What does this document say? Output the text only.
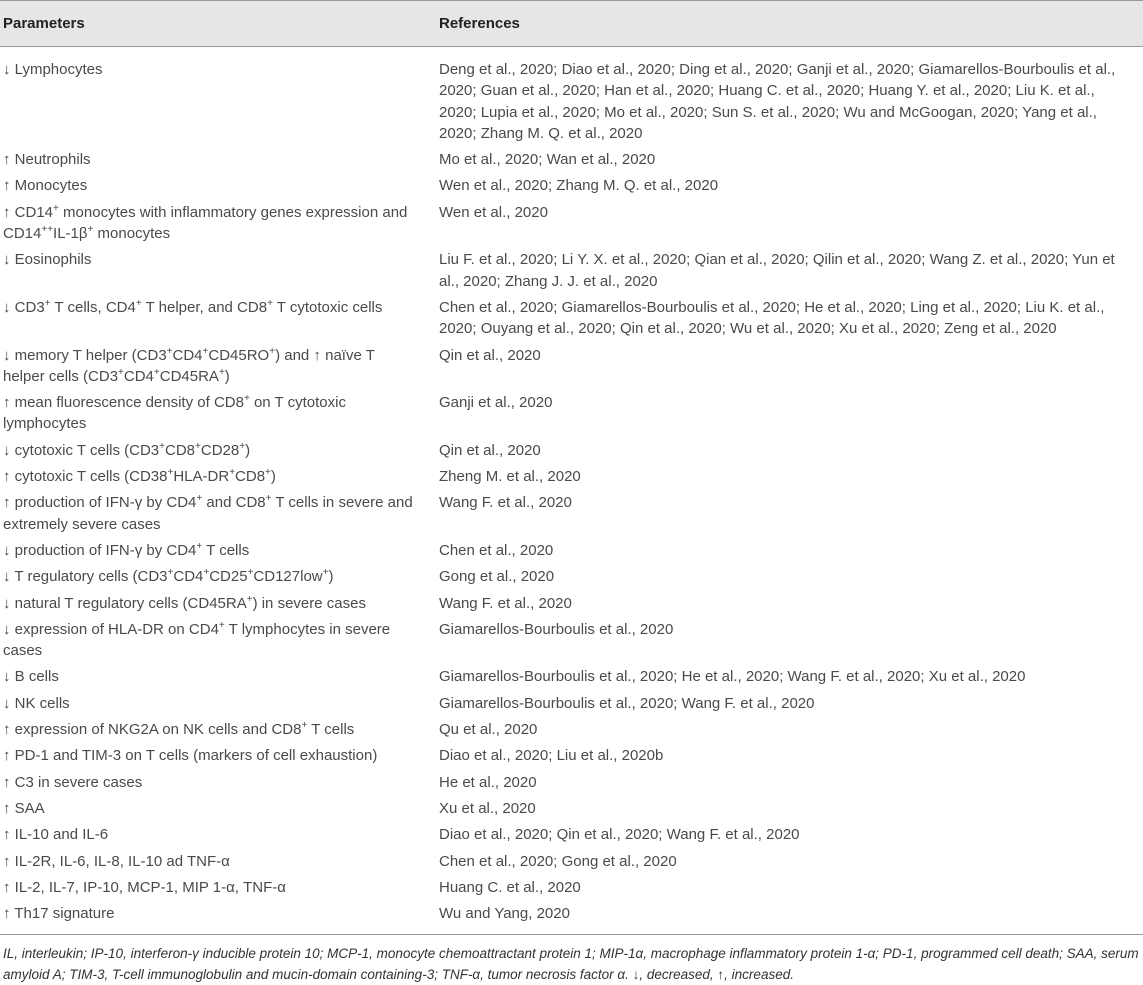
Parameters	References
↓ Lymphocytes	Deng et al., 2020; Diao et al., 2020; Ding et al., 2020; Ganji et al., 2020; Giamarellos-Bourboulis et al., 2020; Guan et al., 2020; Han et al., 2020; Huang C. et al., 2020; Huang Y. et al., 2020; Liu K. et al., 2020; Lupia et al., 2020; Mo et al., 2020; Sun S. et al., 2020; Wu and McGoogan, 2020; Yang et al., 2020; Zhang M. Q. et al., 2020
↑ Neutrophils	Mo et al., 2020; Wan et al., 2020
↑ Monocytes	Wen et al., 2020; Zhang M. Q. et al., 2020
↑ CD14+ monocytes with inflammatory genes expression and CD14++IL-1β+ monocytes	Wen et al., 2020
↓ Eosinophils	Liu F. et al., 2020; Li Y. X. et al., 2020; Qian et al., 2020; Qilin et al., 2020; Wang Z. et al., 2020; Yun et al., 2020; Zhang J. J. et al., 2020
↓ CD3+ T cells, CD4+ T helper, and CD8+ T cytotoxic cells	Chen et al., 2020; Giamarellos-Bourboulis et al., 2020; He et al., 2020; Ling et al., 2020; Liu K. et al., 2020; Ouyang et al., 2020; Qin et al., 2020; Wu et al., 2020; Xu et al., 2020; Zeng et al., 2020
↓ memory T helper (CD3+CD4+CD45RO+) and ↑ naïve T helper cells (CD3+CD4+CD45RA+)	Qin et al., 2020
↑ mean fluorescence density of CD8+ on T cytotoxic lymphocytes	Ganji et al., 2020
↓ cytotoxic T cells (CD3+CD8+CD28+)	Qin et al., 2020
↑ cytotoxic T cells (CD38+HLA-DR+CD8+)	Zheng M. et al., 2020
↑ production of IFN-γ by CD4+ and CD8+ T cells in severe and extremely severe cases	Wang F. et al., 2020
↓ production of IFN-γ by CD4+ T cells	Chen et al., 2020
↓ T regulatory cells (CD3+CD4+CD25+CD127low+)	Gong et al., 2020
↓ natural T regulatory cells (CD45RA+) in severe cases	Wang F. et al., 2020
↓ expression of HLA-DR on CD4+ T lymphocytes in severe cases	Giamarellos-Bourboulis et al., 2020
↓ B cells	Giamarellos-Bourboulis et al., 2020; He et al., 2020; Wang F. et al., 2020; Xu et al., 2020
↓ NK cells	Giamarellos-Bourboulis et al., 2020; Wang F. et al., 2020
↑ expression of NKG2A on NK cells and CD8+ T cells	Qu et al., 2020
↑ PD-1 and TIM-3 on T cells (markers of cell exhaustion)	Diao et al., 2020; Liu et al., 2020b
↑ C3 in severe cases	He et al., 2020
↑ SAA	Xu et al., 2020
↑ IL-10 and IL-6	Diao et al., 2020; Qin et al., 2020; Wang F. et al., 2020
↑ IL-2R, IL-6, IL-8, IL-10 ad TNF-α	Chen et al., 2020; Gong et al., 2020
↑ IL-2, IL-7, IP-10, MCP-1, MIP 1-α, TNF-α	Huang C. et al., 2020
↑ Th17 signature	Wu and Yang, 2020
IL, interleukin; IP-10, interferon-γ inducible protein 10; MCP-1, monocyte chemoattractant protein 1; MIP-1α, macrophage inflammatory protein 1-α; PD-1, programmed cell death; SAA, serum amyloid A; TIM-3, T-cell immunoglobulin and mucin-domain containing-3; TNF-α, tumor necrosis factor α. ↓, decreased, ↑, increased.
